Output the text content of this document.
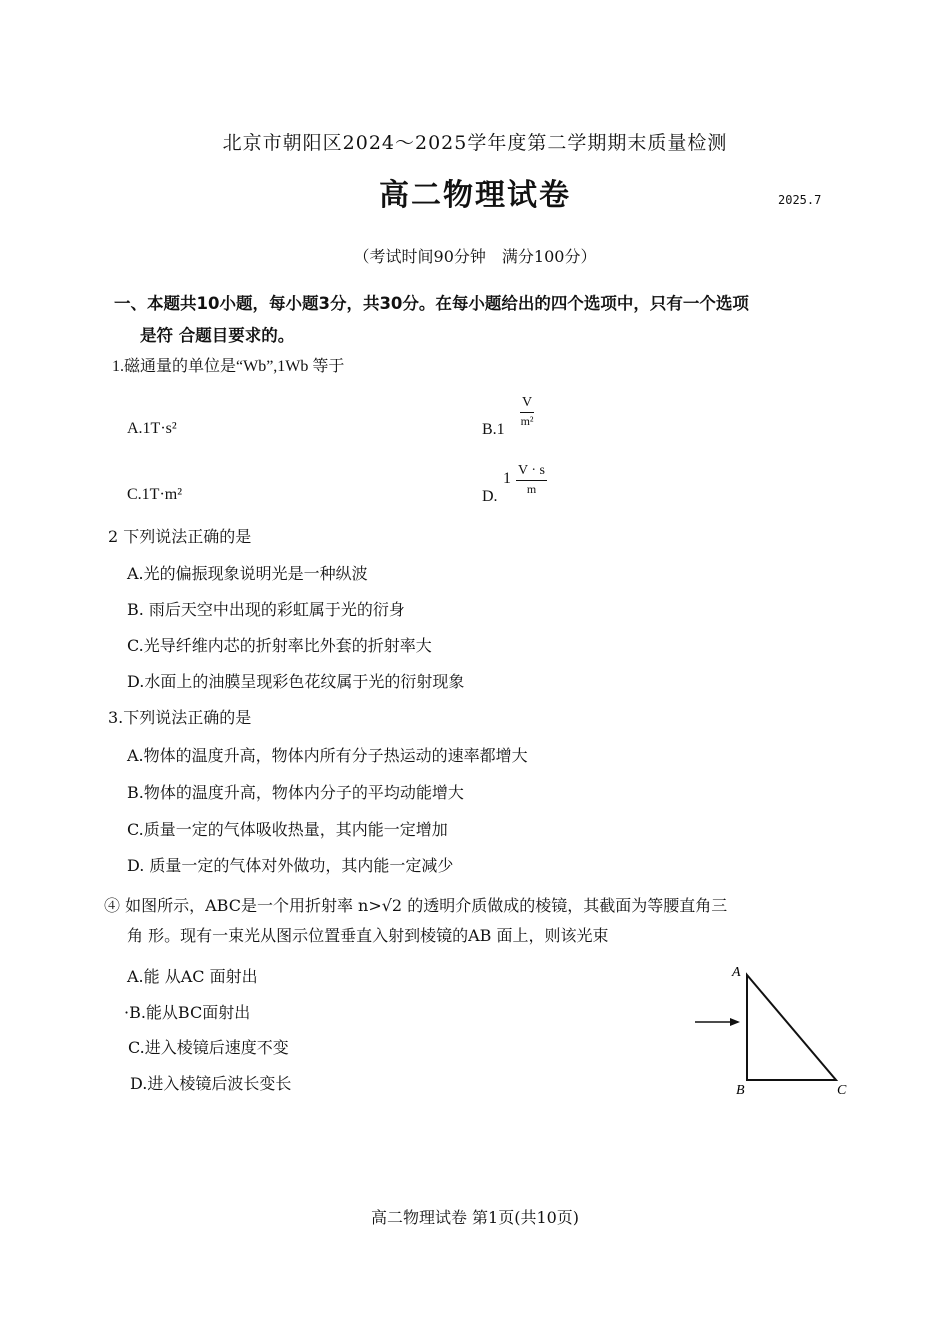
北京市朝阳区2024～2025学年度第二学期期末质量检测
高二物理试卷	2025.7
（考试时间90分钟　满分100分）
一、本题共10小题，每小题3分，共30分。在每小题给出的四个选项中，只有一个选项
是符 合题目要求的。
1.磁通量的单位是“Wb”,1Wb 等于
A.1T·s²	B.1
V
m²
C.1T·m²	D.
1 V · s
m
2 下列说法正确的是
A.光的偏振现象说明光是一种纵波
B. 雨后天空中出现的彩虹属于光的衍身
C.光导纤维内芯的折射率比外套的折射率大
D.水面上的油膜呈现彩色花纹属于光的衍射现象
3.下列说法正确的是
A.物体的温度升高，物体内所有分子热运动的速率都增大
B.物体的温度升高，物体内分子的平均动能增大
C.质量一定的气体吸收热量，其内能一定增加
D. 质量一定的气体对外做功，其内能一定减少
④ 如图所示，ABC是一个用折射率 n>√2 的透明介质做成的棱镜，其截面为等腰直角三
角 形。现有一束光从图示位置垂直入射到棱镜的AB 面上，则该光束
A.能 从AC 面射出
·B.能从BC面射出
C.进入棱镜后速度不变
D.进入棱镜后波长变长
A
B	C
高二物理试卷 第1页(共10页)
